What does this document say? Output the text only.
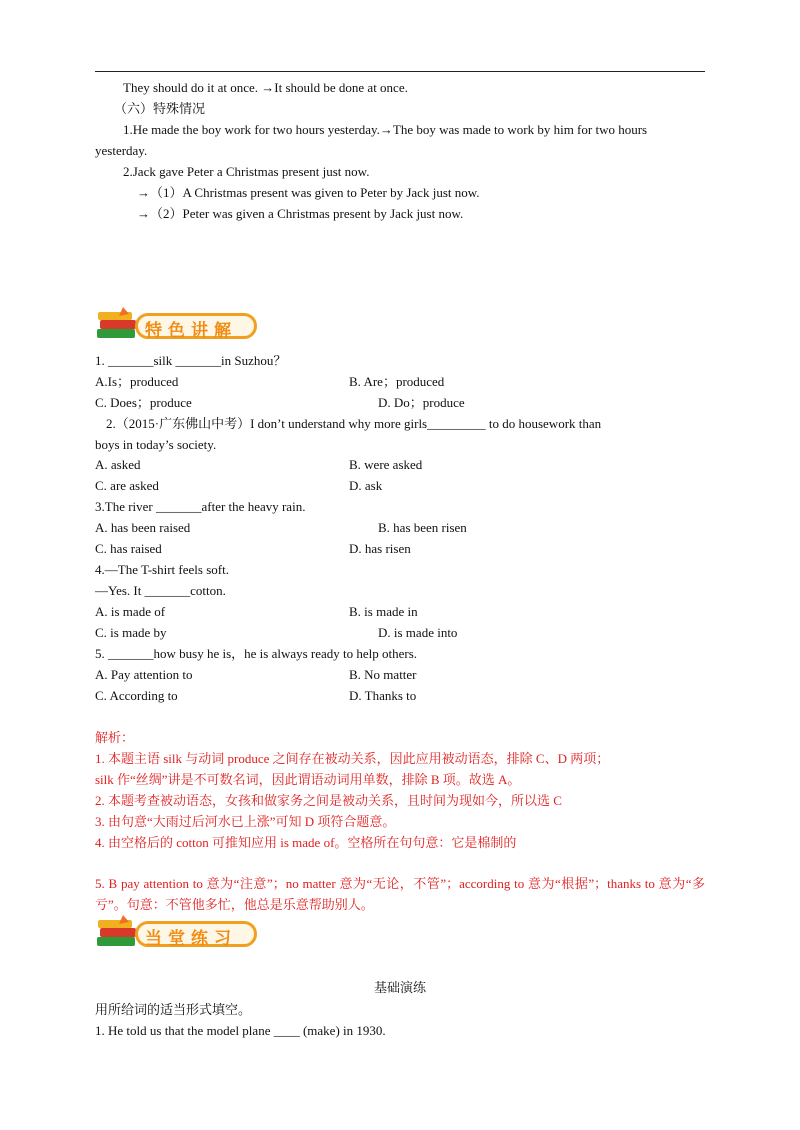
They should do it at once. →It should be done at once.
（六）特殊情况
1.He made the boy work for two hours yesterday.→The boy was made to work by him for two hours
yesterday.
2.Jack gave Peter a Christmas present just now.
→（1）A Christmas present was given to Peter by Jack just now.
→（2）Peter was given a Christmas present by Jack just now.
特色讲解
1. _______silk _______in Suzhou？
A.Is；produced	B. Are；produced
C. Does；produce	D. Do；produce
2.（2015·广东佛山中考）I don’t understand why more girls_________ to do housework than
boys in today’s society.
A. asked	B. were asked
C. are asked	D. ask
3.The river _______after the heavy rain.
A. has been raised	B. has been risen
C. has raised	D. has risen
4.—The T-shirt feels soft.
—Yes. It _______cotton.
A. is made of	B. is made in
C. is made by	D. is made into
5. _______how busy he is，he is always ready to help others.
A. Pay attention to	B. No matter
C. According to	D. Thanks to
解析：
1. 本题主语 silk 与动词 produce 之间存在被动关系，因此应用被动语态，排除 C、D 两项；
silk 作“丝绸”讲是不可数名词，因此谓语动词用单数，排除 B 项。故选 A。
2. 本题考查被动语态，女孩和做家务之间是被动关系，且时间为现如今，所以选 C
3. 由句意“大雨过后河水已上涨”可知 D 项符合题意。
4. 由空格后的 cotton 可推知应用 is made of。空格所在句句意：它是棉制的
5. B pay attention to 意为“注意”；no matter 意为“无论，不管”；according to 意为“根据”；thanks to 意为“多亏”。句意：不管他多忙，他总是乐意帮助别人。
当堂练习
基础演练
用所给词的适当形式填空。
1. He told us that the model plane ____ (make) in 1930.
